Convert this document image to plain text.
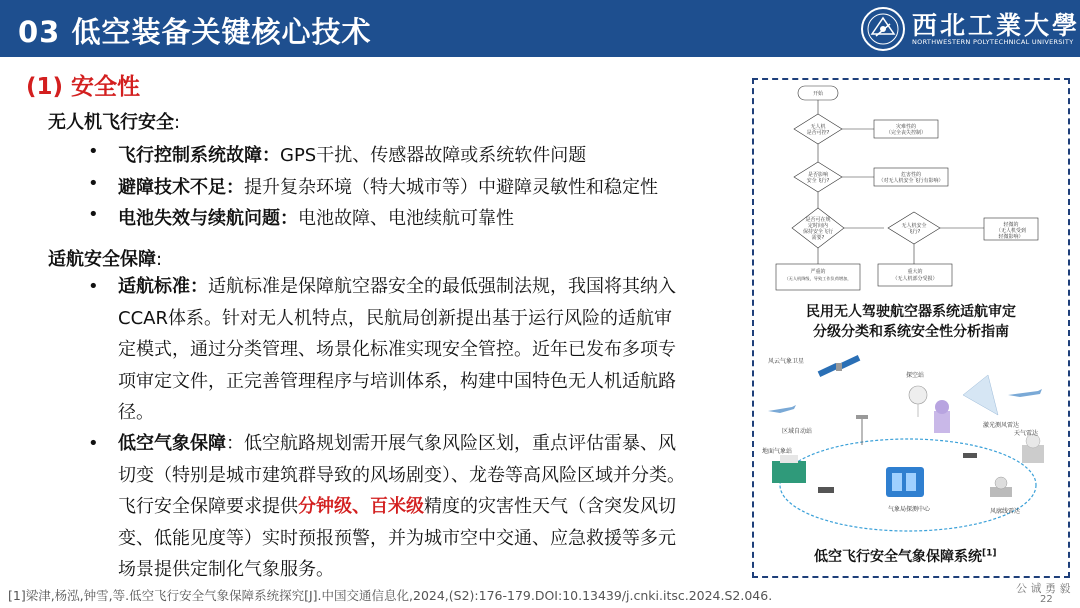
03 低空装备关键核心技术	西北工業大學
NORTHWESTERN POLYTECHNICAL UNIVERSITY
(1) 安全性
无人机飞行安全:
• 飞行控制系统故障：GPS干扰、传感器故障或系统软件问题
• 避障技术不足：提升复杂环境（特大城市等）中避障灵敏性和稳定性
• 电池失效与续航问题：电池故障、电池续航可靠性
适航安全保障:
• 适航标准：适航标准是保障航空器安全的最低强制法规，我国将其纳入
CCAR体系。针对无人机特点，民航局创新提出基于运行风险的适航审
定模式，通过分类管理、场景化标准实现安全管控。近年已发布多项专
项审定文件，正完善管理程序与培训体系，构建中国特色无人机适航路
径。
• 低空气象保障：低空航路规划需开展气象风险区划，重点评估雷暴、风
切变（特别是城市建筑群导致的风场剧变）、龙卷等高风险区域并分类。
飞行安全保障要求提供分钟级、百米级精度的灾害性天气（含突发风切
变、低能见度等）实时预报预警，并为城市空中交通、应急救援等多元
场景提供定制化气象服务。
开始
无人机
是否可控?
灾难性的
（完全丧失控制）
是否影响
安全飞行?
危害性的
（对无人机安全飞行有影响）
是否可在规
定时间内
保持安全飞行
需要?
无人机安全
飞行?
轻微的
（无人机受到
轻微影响）
严重的
（无人机降级，导致工作负荷增加，
重大的
（无人机部分受损）
民用无人驾驶航空器系统适航审定
分级分类和系统安全性分析指南
风云气象卫星
探空站
激光测风雷达
区域自动站	天气雷达
地面气象站
气象局探测中心	风廓线雷达
低空飞行安全气象保障系统[1]
[1]梁津,杨泓,钟雪,等.低空飞行安全气象保障系统探究[J].中国交通信息化,2024,(S2):176-179.DOI:10.13439/j.cnki.itsc.2024.S2.046.	公 诚 勇 毅
22
